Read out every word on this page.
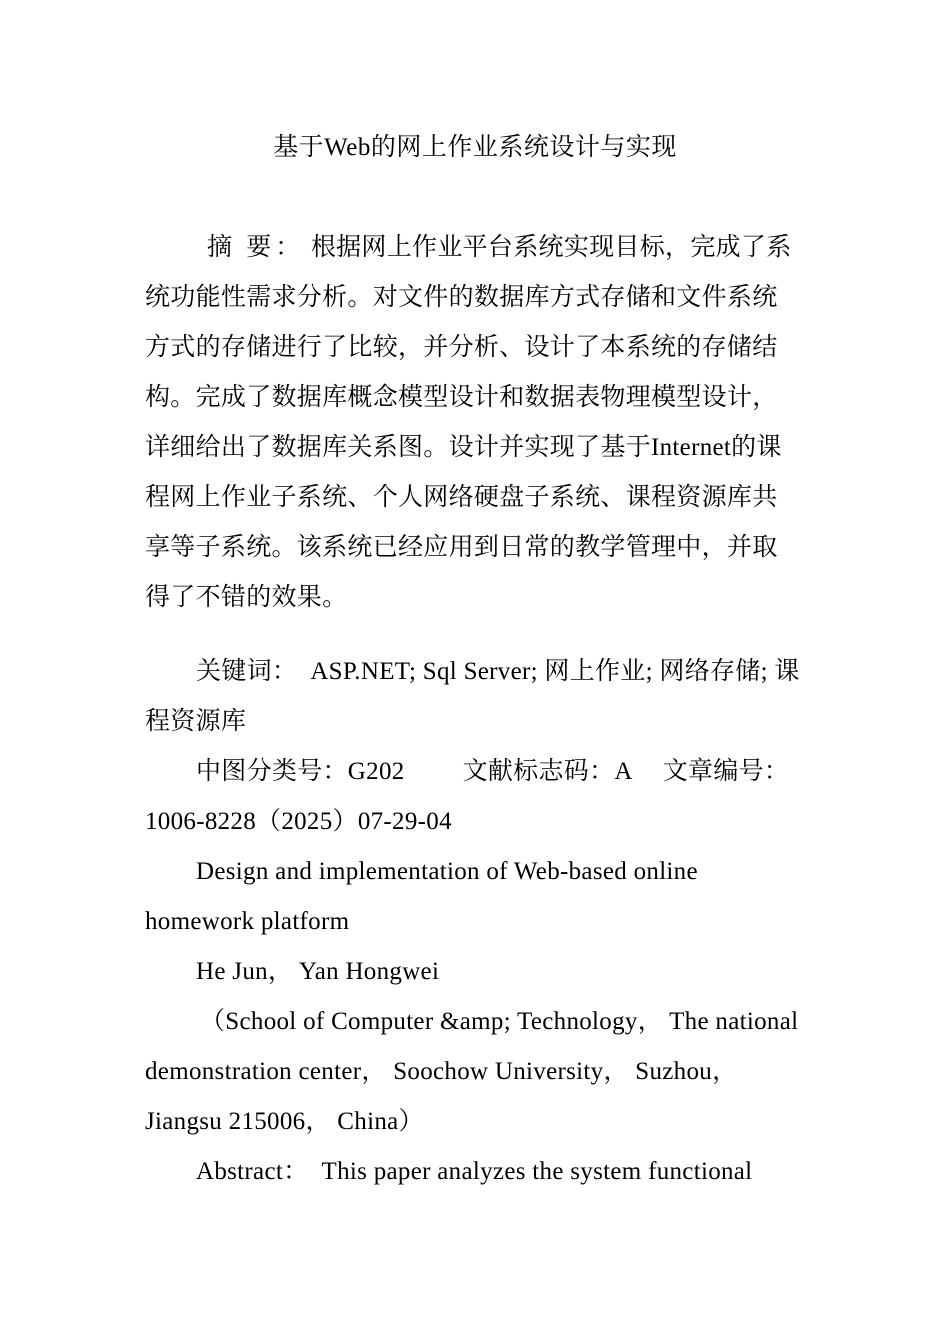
基于Web的网上作业系统设计与实现
摘 要： 根据网上作业平台系统实现目标，完成了系
统功能性需求分析。对文件的数据库方式存储和文件系统
方式的存储进行了比较，并分析、设计了本系统的存储结
构。完成了数据库概念模型设计和数据表物理模型设计，
详细给出了数据库关系图。设计并实现了基于Internet的课
程网上作业子系统、个人网络硬盘子系统、课程资源库共
享等子系统。该系统已经应用到日常的教学管理中，并取
得了不错的效果。
关键词： ASP.NET; Sql Server; 网上作业; 网络存储; 课
程资源库
中图分类号：G202 文献标志码：A 文章编号：
1006-8228（2025）07-29-04
Design and implementation of Web-based online
homework platform
He Jun， Yan Hongwei
（School of Computer &amp; Technology， The national
demonstration center， Soochow University， Suzhou，
Jiangsu 215006， China）
Abstract： This paper analyzes the system functional
